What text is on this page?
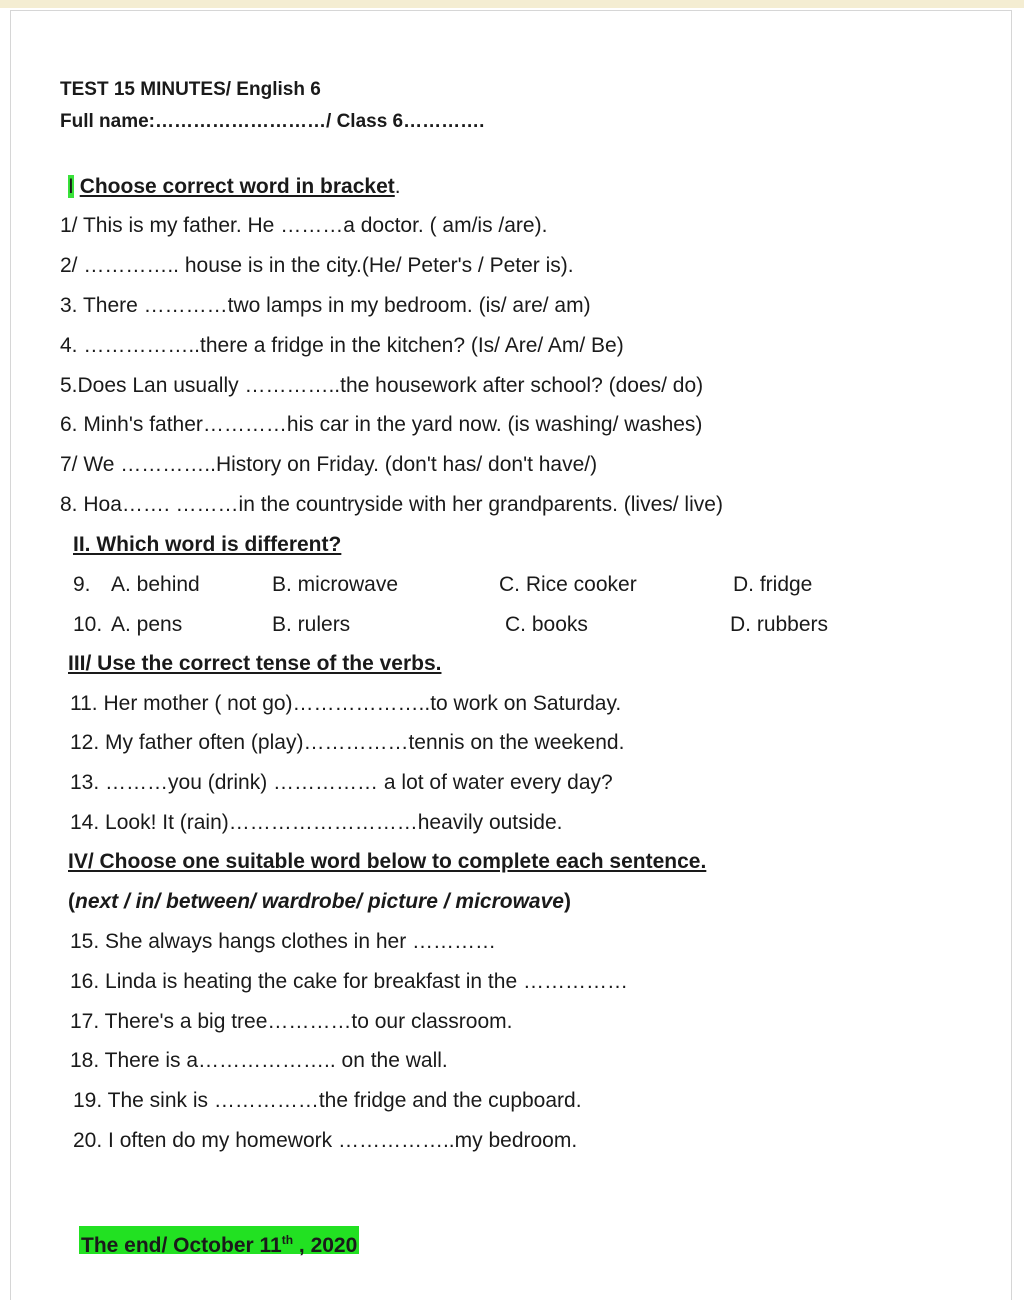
TEST 15 MINUTES/ English 6
Full name:………………………/ Class 6………….
I Choose correct word in bracket.
1/ This is my father. He ………a doctor. ( am/is /are).
2/ ………….. house is in the city.(He/ Peter's / Peter is).
3. There …………two lamps in my bedroom. (is/ are/ am)
4. ……………..there a fridge in the kitchen? (Is/ Are/ Am/ Be)
5.Does Lan usually …………..the housework after school? (does/ do)
6. Minh's father…………his car in the yard now. (is washing/ washes)
7/ We …………..History on Friday. (don't has/ don't have/)
8. Hoa……. ………in the countryside with her grandparents. (lives/ live)
II. Which word is different?
9. A. behind	B. microwave	C. Rice cooker	D. fridge
10. A. pens	B. rulers	C. books	D. rubbers
III/ Use the correct tense of the verbs.
11. Her mother ( not go)………………..to work on Saturday.
12. My father often (play)……………tennis on the weekend.
13. ………you (drink) …………… a lot of water every day?
14. Look! It (rain)………………………heavily outside.
IV/ Choose one suitable word below to complete each sentence.
(next / in/ between/ wardrobe/ picture / microwave)
15. She always hangs clothes in her …………
16. Linda is heating the cake for breakfast in the ……………
17. There's a big tree…………to our classroom.
18. There is a……………….. on the wall.
19. The sink is ……………the fridge and the cupboard.
20. I often do my homework ……………..my bedroom.
The end/ October 11th , 2020
